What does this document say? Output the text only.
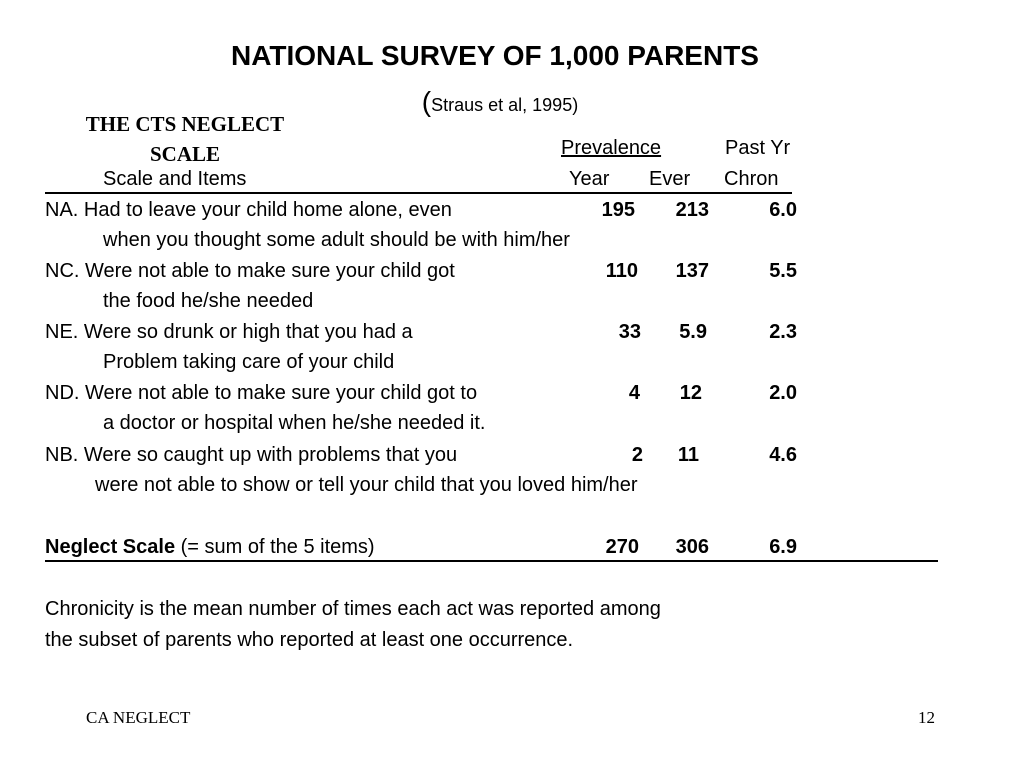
NATIONAL SURVEY OF 1,000 PARENTS
(Straus et al, 1995)
THE CTS NEGLECT
SCALE	Prevalence	Past Yr
Scale and Items	Year Ever Chron
NA. Had to leave your child home alone, even
when you thought some adult should be with him/her
195	213	6.0
NC. Were not able to make sure your child got
the food he/she needed
110	137	5.5
NE. Were so drunk or high that you had a
Problem taking care of your child
33	5.9	2.3
ND. Were not able to make sure your child got to
a doctor or hospital when he/she needed it.
4	12	2.0
NB. Were so caught up with problems that you
were not able to show or tell your child that you loved him/her
2	11	4.6
Neglect Scale (= sum of the 5 items)	270	306	6.9
Chronicity is the mean number of times each act was reported among
the subset of parents who reported at least one occurrence.
CA NEGLECT	12
